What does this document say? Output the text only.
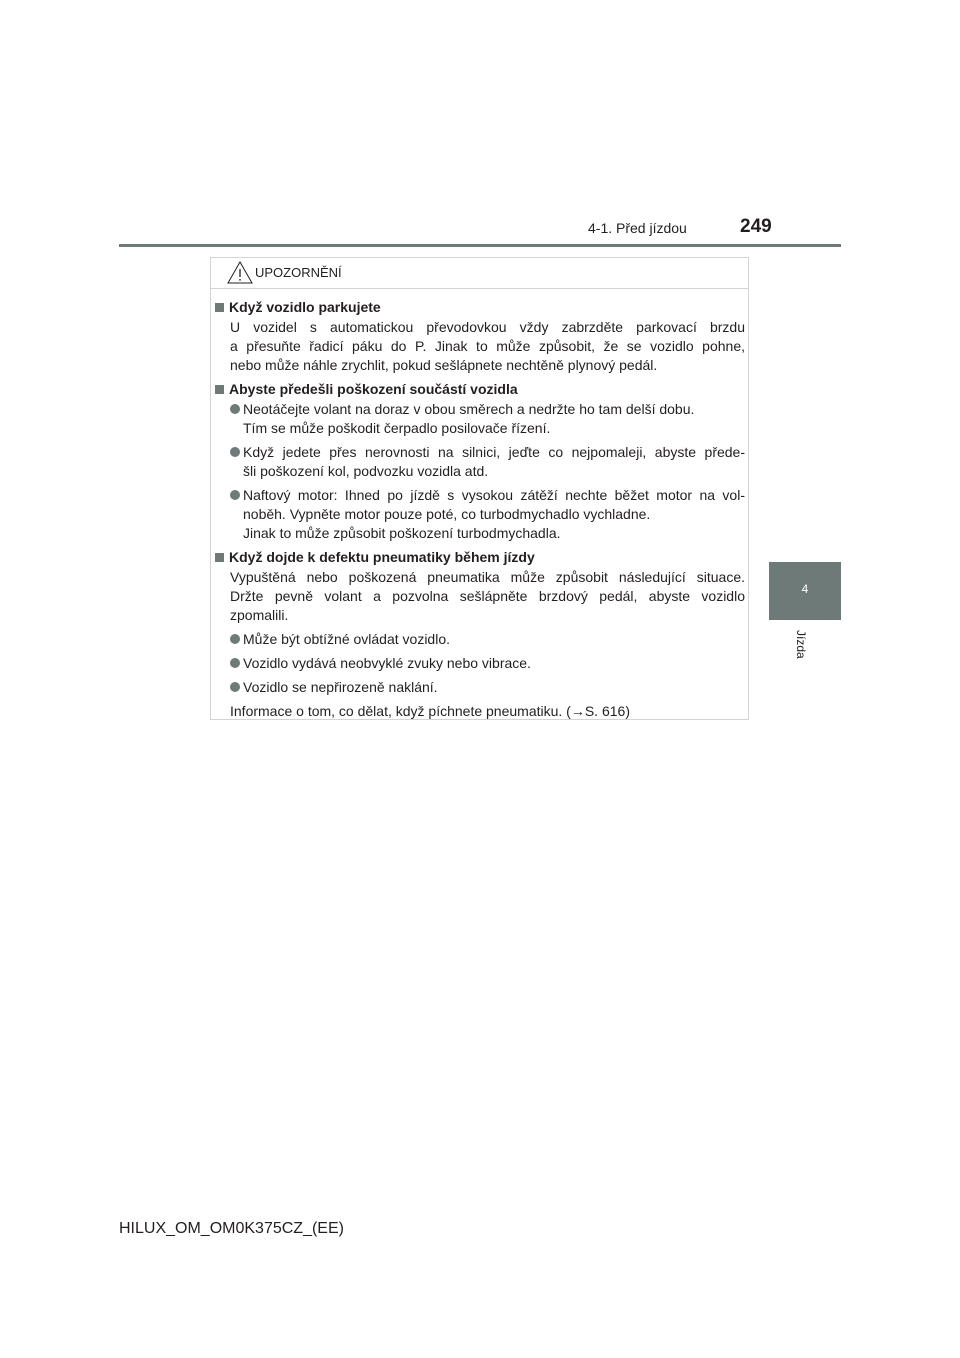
4-1. Před jízdou	249
4
Jízda
UPOZORNĚNÍ
Když vozidlo parkujete
U vozidel s automatickou převodovkou vždy zabrzděte parkovací brzdu
a přesuňte řadicí páku do P. Jinak to může způsobit, že se vozidlo pohne,
nebo může náhle zrychlit, pokud sešlápnete nechtěně plynový pedál.
Abyste předešli poškození součástí vozidla
Neotáčejte volant na doraz v obou směrech a nedržte ho tam delší dobu.
Tím se může poškodit čerpadlo posilovače řízení.
Když jedete přes nerovnosti na silnici, jeďte co nejpomaleji, abyste přede-
šli poškození kol, podvozku vozidla atd.
Naftový motor: Ihned po jízdě s vysokou zátěží nechte běžet motor na vol-
noběh. Vypněte motor pouze poté, co turbodmychadlo vychladne.
Jinak to může způsobit poškození turbodmychadla.
Když dojde k defektu pneumatiky během jízdy
Vypuštěná nebo poškozená pneumatika může způsobit následující situace.
Držte pevně volant a pozvolna sešlápněte brzdový pedál, abyste vozidlo
zpomalili.
Může být obtížné ovládat vozidlo.
Vozidlo vydává neobvyklé zvuky nebo vibrace.
Vozidlo se nepřirozeně naklání.
Informace o tom, co dělat, když píchnete pneumatiku. (→S. 616)
HILUX_OM_OM0K375CZ_(EE)
